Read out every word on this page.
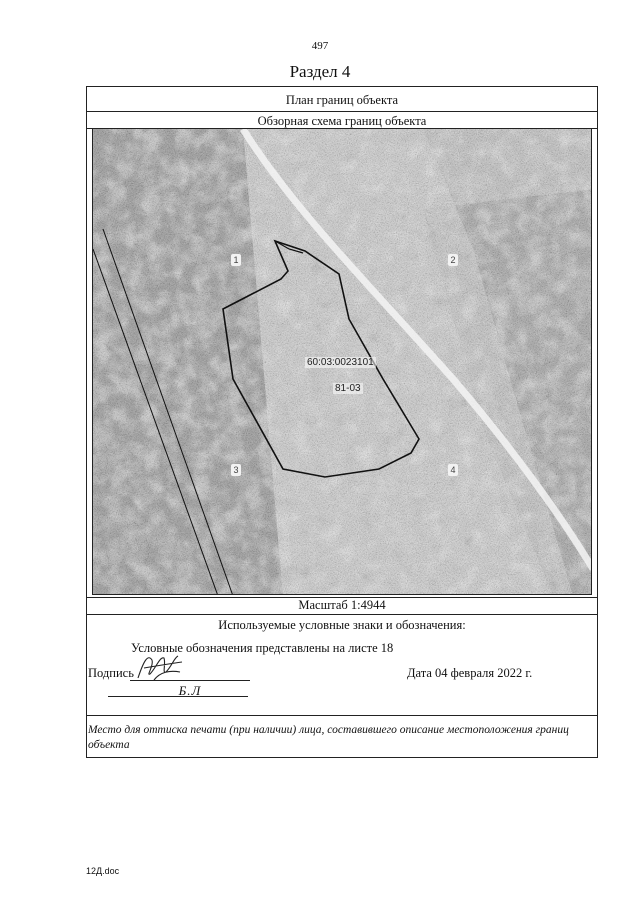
497
Раздел 4
План границ объекта
Обзорная схема границ объекта
Масштаб 1:4944
Используемые условные знаки и обозначения:
60:03:0023101
81-03
1	2
3	4
Условные обозначения представлены на листе 18
Подпись
Б.Л
Дата 04 февраля 2022 г.
Место для оттиска печати (при наличии) лица, составившего описание местоположения границ объекта
12Д.doc
